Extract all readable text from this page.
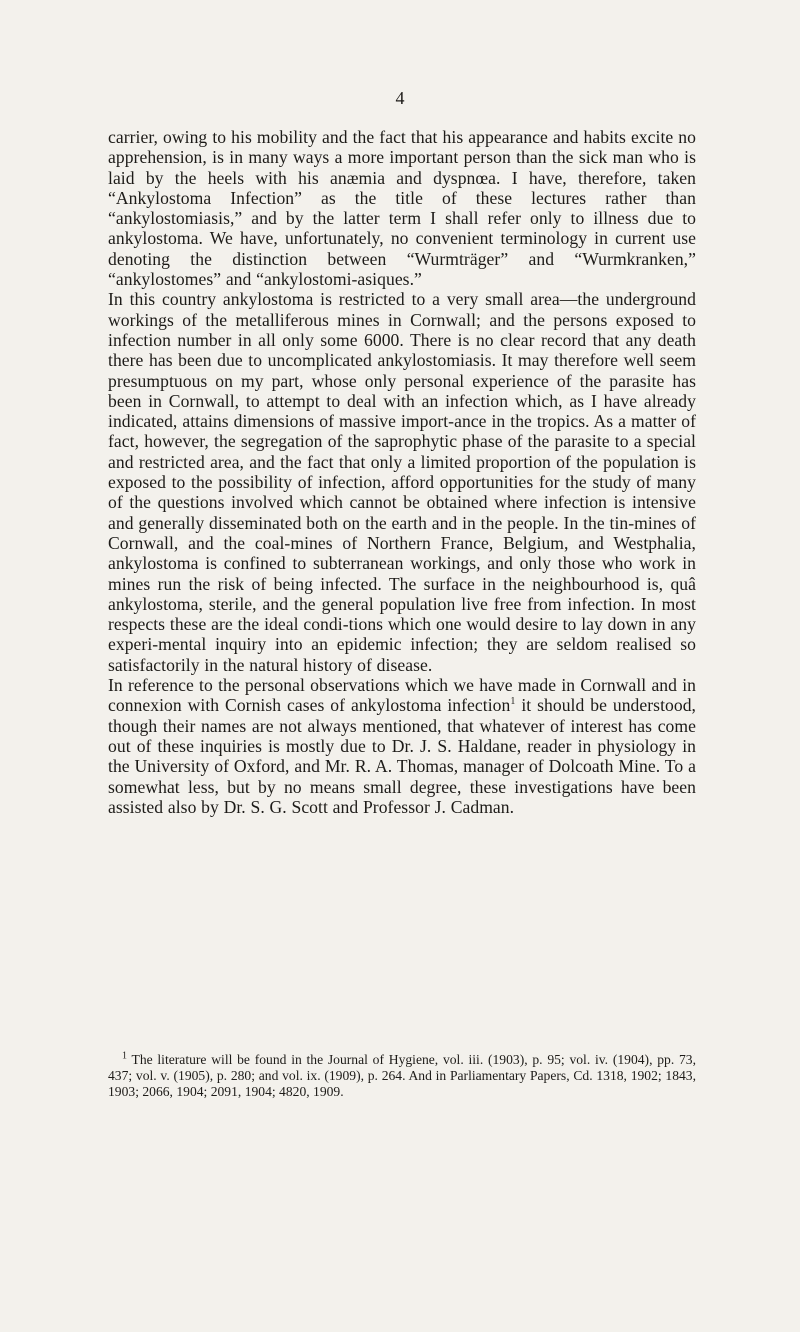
4

carrier, owing to his mobility and the fact that his appearance and habits excite no apprehension, is in many ways a more important person than the sick man who is laid by the heels with his anæmia and dyspnœa. I have, therefore, taken “Ankylostoma Infection” as the title of these lectures rather than “ankylostomiasis,” and by the latter term I shall refer only to illness due to ankylostoma. We have, unfortunately, no convenient terminology in current use denoting the distinction between “Wurmträger” and “Wurmkranken,” “ankylostomes” and “ankylostomi-asiques.”

In this country ankylostoma is restricted to a very small area—the underground workings of the metalliferous mines in Cornwall; and the persons exposed to infection number in all only some 6000. There is no clear record that any death there has been due to uncomplicated ankylostomiasis. It may therefore well seem presumptuous on my part, whose only personal experience of the parasite has been in Cornwall, to attempt to deal with an infection which, as I have already indicated, attains dimensions of massive import-ance in the tropics. As a matter of fact, however, the segregation of the saprophytic phase of the parasite to a special and restricted area, and the fact that only a limited proportion of the population is exposed to the possibility of infection, afford opportunities for the study of many of the questions involved which cannot be obtained where infection is intensive and generally disseminated both on the earth and in the people. In the tin-mines of Cornwall, and the coal-mines of Northern France, Belgium, and Westphalia, ankylostoma is confined to subterranean workings, and only those who work in mines run the risk of being infected. The surface in the neighbourhood is, quâ ankylostoma, sterile, and the general population live free from infection. In most respects these are the ideal condi-tions which one would desire to lay down in any experi-mental inquiry into an epidemic infection; they are seldom realised so satisfactorily in the natural history of disease.

In reference to the personal observations which we have made in Cornwall and in connexion with Cornish cases of ankylostoma infection$^1$ it should be understood, though their names are not always mentioned, that whatever of interest has come out of these inquiries is mostly due to Dr. J. S. Haldane, reader in physiology in the University of Oxford, and Mr. R. A. Thomas, manager of Dolcoath Mine. To a somewhat less, but by no means small degree, these investigations have been assisted also by Dr. S. G. Scott and Professor J. Cadman.

$^1$ The literature will be found in the Journal of Hygiene, vol. iii. (1903), p. 95; vol. iv. (1904), pp. 73, 437; vol. v. (1905), p. 280; and vol. ix. (1909), p. 264. And in Parliamentary Papers, Cd. 1318, 1902; 1843, 1903; 2066, 1904; 2091, 1904; 4820, 1909.
